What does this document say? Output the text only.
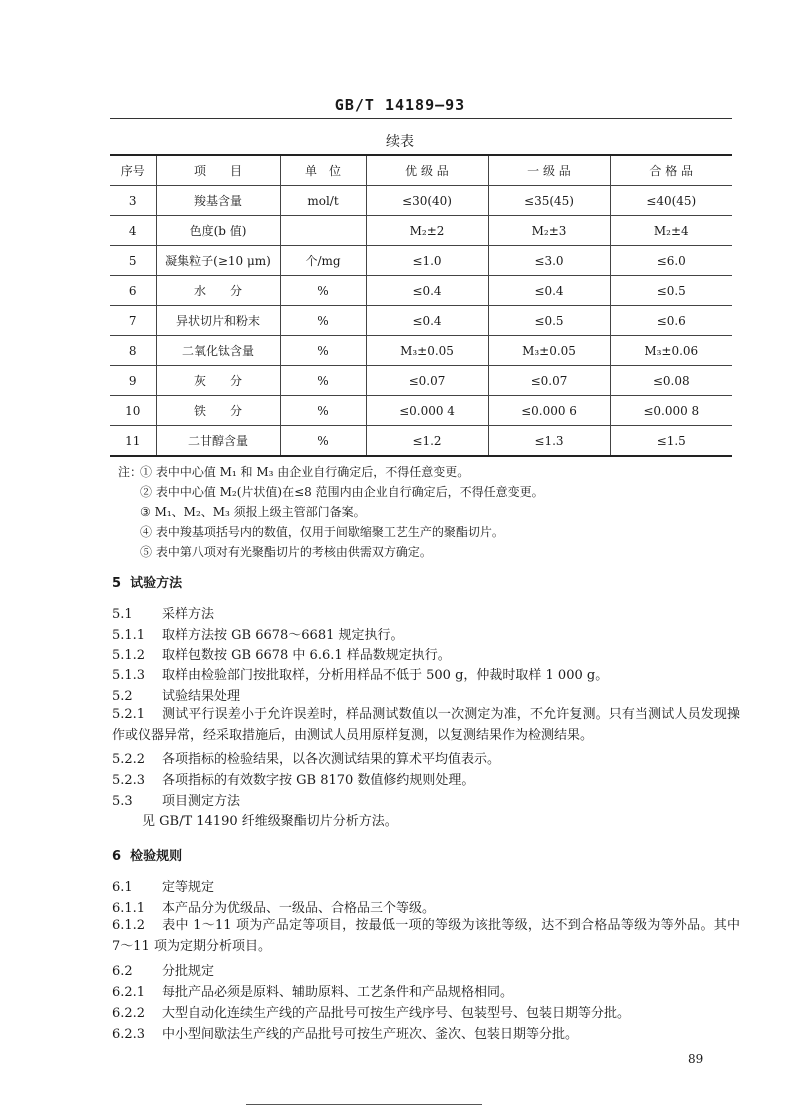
GB/T 14189—93
续表
序号	项　　目	单　位	优 级 品	一 级 品	合 格 品
3	羧基含量	mol/t	≤30(40)	≤35(45)	≤40(45)
4	色度(b 值)		M₂±2	M₂±3	M₂±4
5	凝集粒子(≥10 μm)	个/mg	≤1.0	≤3.0	≤6.0
6	水　　分	%	≤0.4	≤0.4	≤0.5
7	异状切片和粉末	%	≤0.4	≤0.5	≤0.6
8	二氧化钛含量	%	M₃±0.05	M₃±0.05	M₃±0.06
9	灰　　分	%	≤0.07	≤0.07	≤0.08
10	铁　　分	%	≤0.000 4	≤0.000 6	≤0.000 8
11	二甘醇含量	%	≤1.2	≤1.3	≤1.5
注：
① 表中中心值 M₁ 和 M₃ 由企业自行确定后，不得任意变更。
② 表中中心值 M₂(片状值)在≤8 范围内由企业自行确定后，不得任意变更。
③ M₁、M₂、M₃ 须报上级主管部门备案。
④ 表中羧基项括号内的数值，仅用于间歇缩聚工艺生产的聚酯切片。
⑤ 表中第八项对有光聚酯切片的考核由供需双方确定。
5 试验方法
5.1 采样方法
5.1.1 取样方法按 GB 6678～6681 规定执行。
5.1.2 取样包数按 GB 6678 中 6.6.1 样品数规定执行。
5.1.3 取样由检验部门按批取样，分析用样品不低于 500 g，仲裁时取样 1 000 g。
5.2 试验结果处理
5.2.1 测试平行误差小于允许误差时，样品测试数值以一次测定为准，不允许复测。只有当测试人员发现操作或仪器异常，经采取措施后，由测试人员用原样复测，以复测结果作为检测结果。
5.2.2 各项指标的检验结果，以各次测试结果的算术平均值表示。
5.2.3 各项指标的有效数字按 GB 8170 数值修约规则处理。
5.3 项目测定方法
见 GB/T 14190 纤维级聚酯切片分析方法。
6 检验规则
6.1 定等规定
6.1.1 本产品分为优级品、一级品、合格品三个等级。
6.1.2 表中 1～11 项为产品定等项目，按最低一项的等级为该批等级，达不到合格品等级为等外品。其中 7～11 项为定期分析项目。
6.2 分批规定
6.2.1 每批产品必须是原料、辅助原料、工艺条件和产品规格相同。
6.2.2 大型自动化连续生产线的产品批号可按生产线序号、包装型号、包装日期等分批。
6.2.3 中小型间歇法生产线的产品批号可按生产班次、釜次、包装日期等分批。
89
